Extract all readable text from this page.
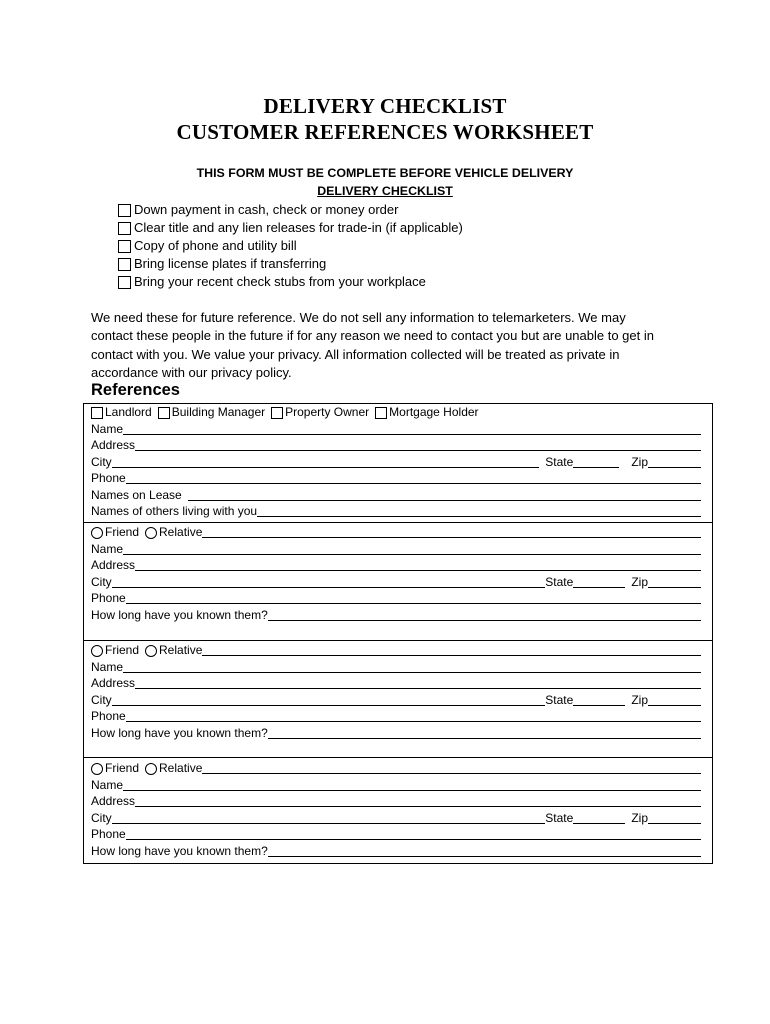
DELIVERY CHECKLIST
CUSTOMER REFERENCES WORKSHEET
THIS FORM MUST BE COMPLETE BEFORE VEHICLE DELIVERY
DELIVERY CHECKLIST
Down payment in cash, check or money order
Clear title and any lien releases for trade-in (if applicable)
Copy of phone and utility bill
Bring license plates if transferring
Bring your recent check stubs from your workplace
We need these for future reference. We do not sell any information to telemarketers. We may
contact these people in the future if for any reason we need to contact you but are unable to get in
contact with you. We value your privacy. All information collected will be treated as private in
accordance with our privacy policy.
References
Landlord Building Manager Property Owner Mortgage Holder
Name
Address
City	State	Zip
Phone
Names on Lease
Names of others living with you
Friend Relative
Name
Address
City	State	Zip
Phone
How long have you known them?
Friend Relative
Name
Address
City	State	Zip
Phone
How long have you known them?
Friend Relative
Name
Address
City	State	Zip
Phone
How long have you known them?
